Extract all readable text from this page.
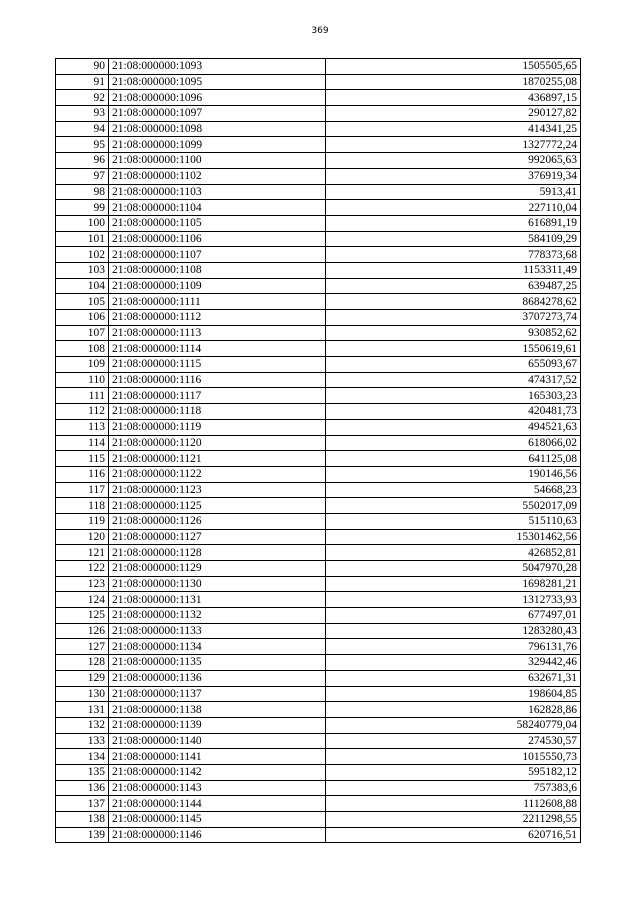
369
90	21:08:000000:1093	1505505,65
91	21:08:000000:1095	1870255,08
92	21:08:000000:1096	436897,15
93	21:08:000000:1097	290127,82
94	21:08:000000:1098	414341,25
95	21:08:000000:1099	1327772,24
96	21:08:000000:1100	992065,63
97	21:08:000000:1102	376919,34
98	21:08:000000:1103	5913,41
99	21:08:000000:1104	227110,04
100	21:08:000000:1105	616891,19
101	21:08:000000:1106	584109,29
102	21:08:000000:1107	778373,68
103	21:08:000000:1108	1153311,49
104	21:08:000000:1109	639487,25
105	21:08:000000:1111	8684278,62
106	21:08:000000:1112	3707273,74
107	21:08:000000:1113	930852,62
108	21:08:000000:1114	1550619,61
109	21:08:000000:1115	655093,67
110	21:08:000000:1116	474317,52
111	21:08:000000:1117	165303,23
112	21:08:000000:1118	420481,73
113	21:08:000000:1119	494521,63
114	21:08:000000:1120	618066,02
115	21:08:000000:1121	641125,08
116	21:08:000000:1122	190146,56
117	21:08:000000:1123	54668,23
118	21:08:000000:1125	5502017,09
119	21:08:000000:1126	515110,63
120	21:08:000000:1127	15301462,56
121	21:08:000000:1128	426852,81
122	21:08:000000:1129	5047970,28
123	21:08:000000:1130	1698281,21
124	21:08:000000:1131	1312733,93
125	21:08:000000:1132	677497,01
126	21:08:000000:1133	1283280,43
127	21:08:000000:1134	796131,76
128	21:08:000000:1135	329442,46
129	21:08:000000:1136	632671,31
130	21:08:000000:1137	198604,85
131	21:08:000000:1138	162828,86
132	21:08:000000:1139	58240779,04
133	21:08:000000:1140	274530,57
134	21:08:000000:1141	1015550,73
135	21:08:000000:1142	595182,12
136	21:08:000000:1143	757383,6
137	21:08:000000:1144	1112608,88
138	21:08:000000:1145	2211298,55
139	21:08:000000:1146	620716,51
